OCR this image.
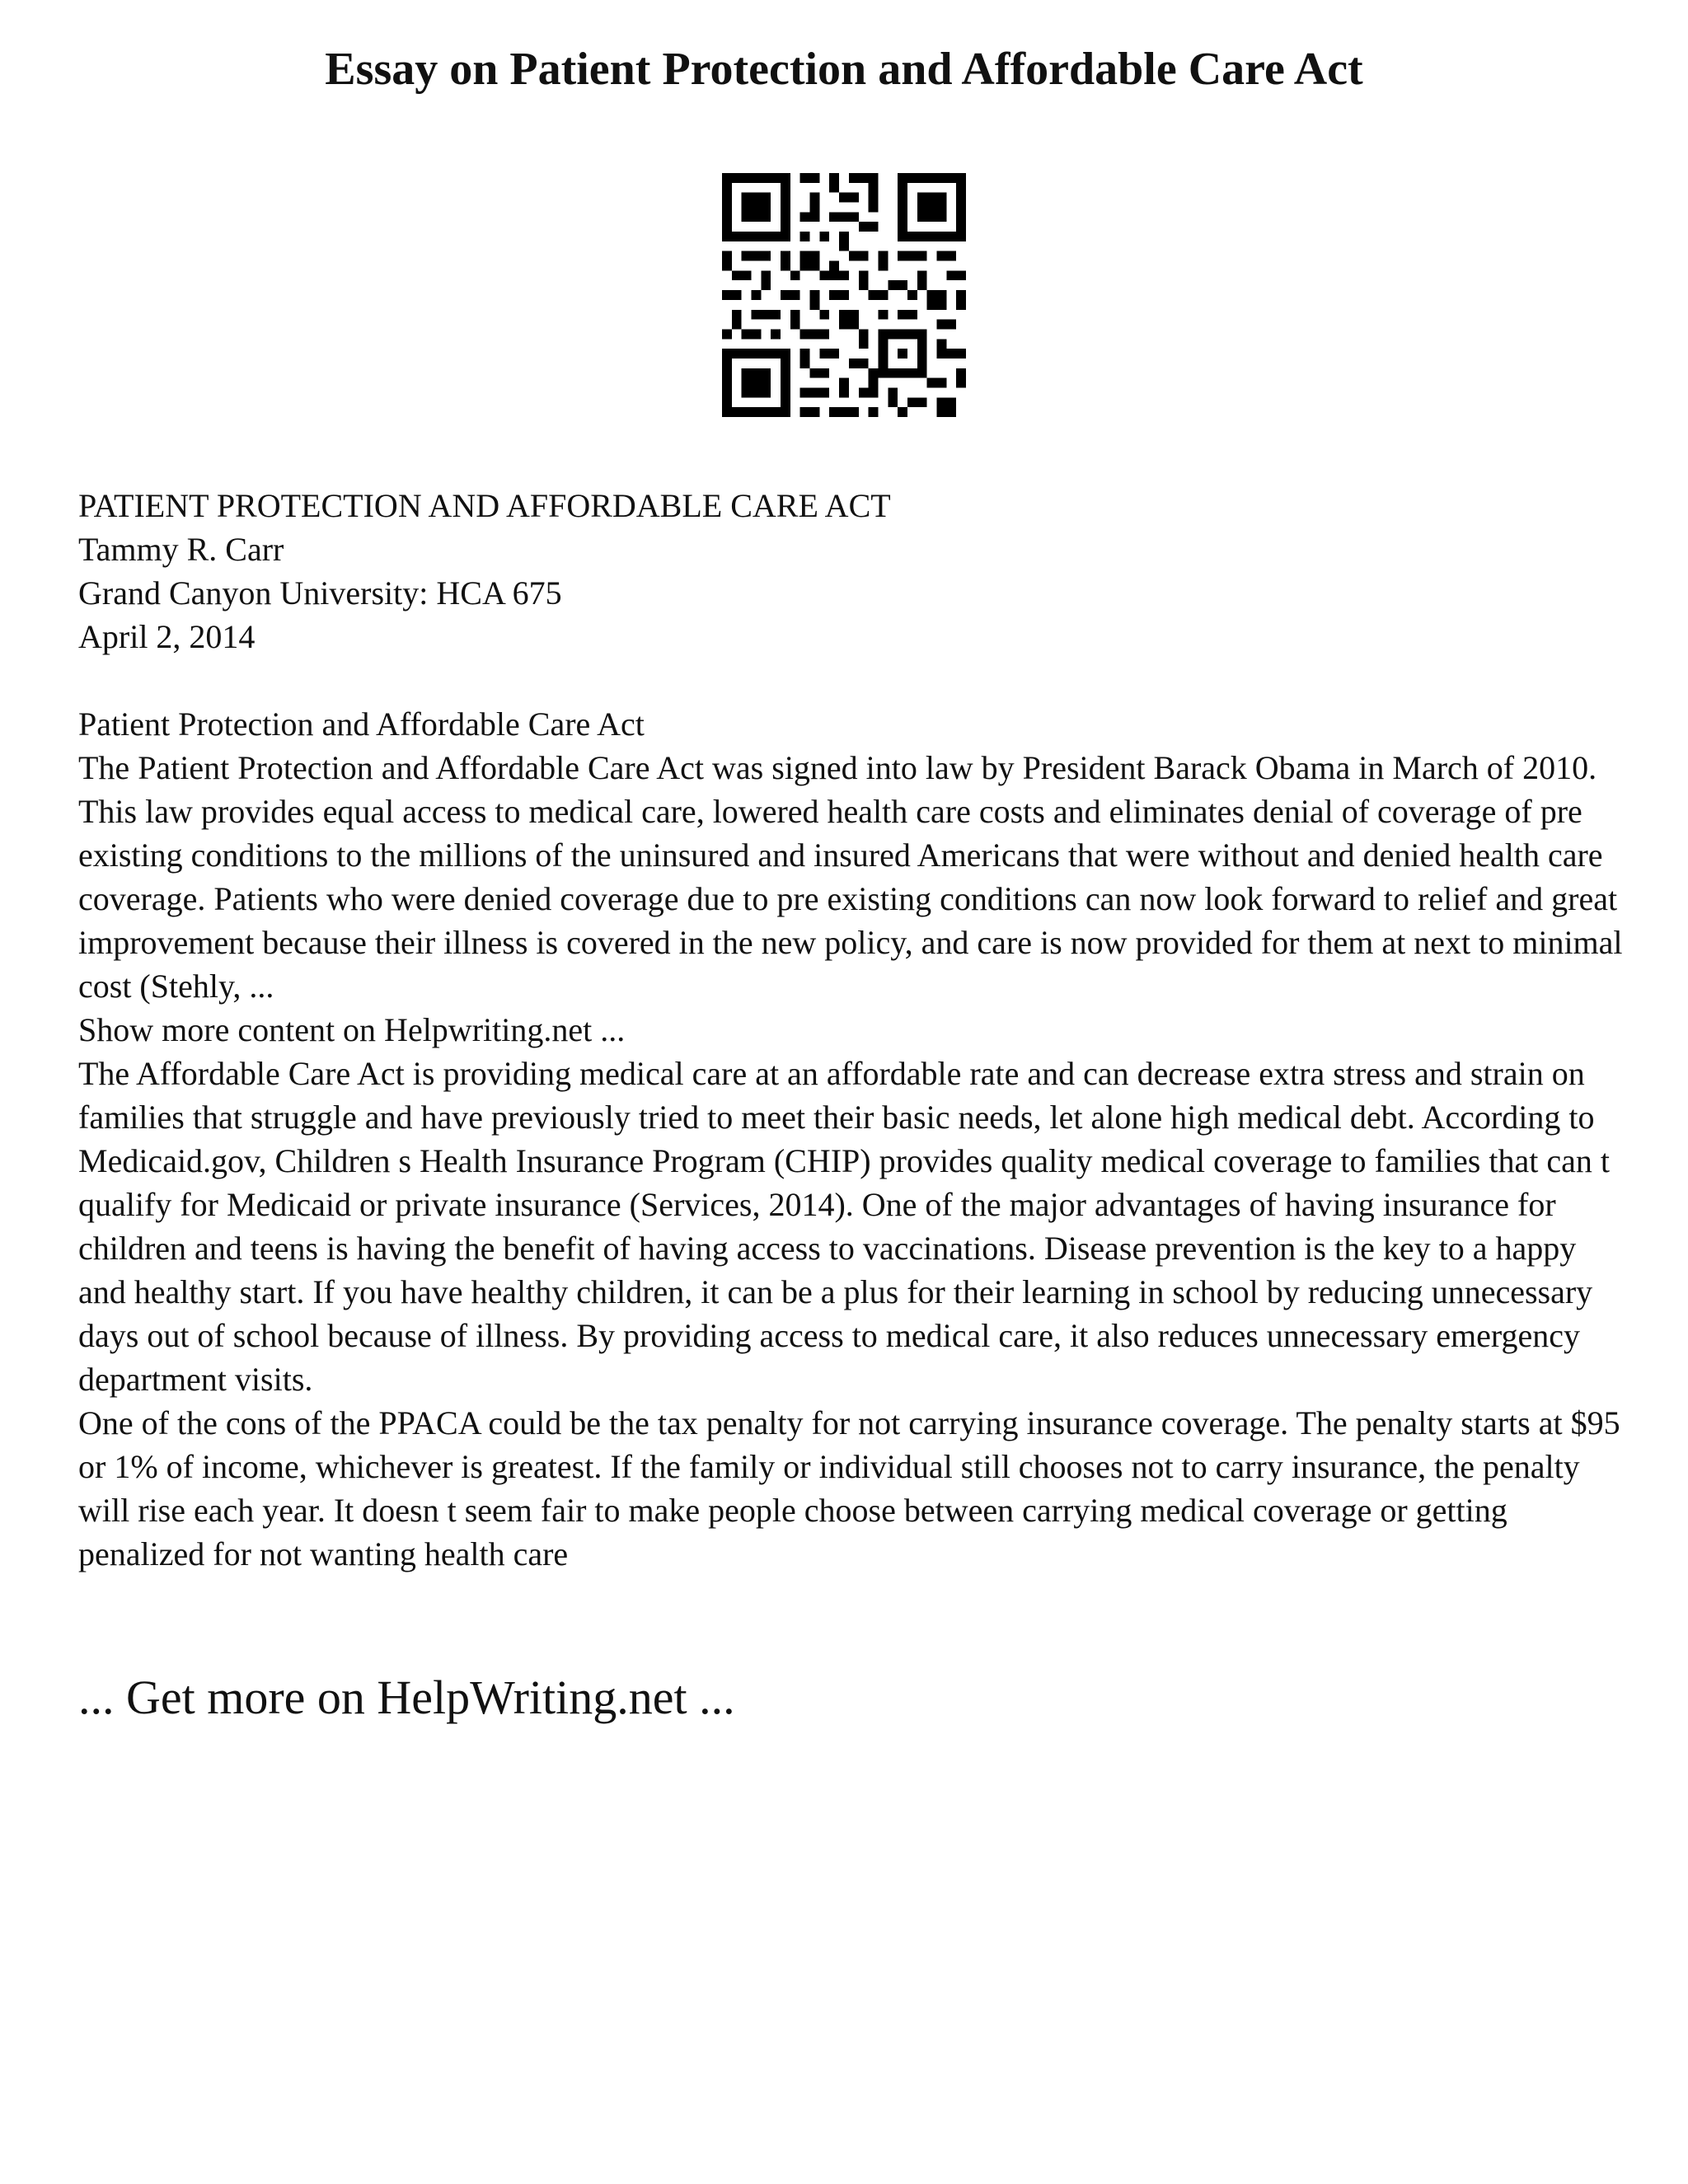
Essay on Patient Protection and Affordable Care Act
PATIENT PROTECTION AND AFFORDABLE CARE ACT
Tammy R. Carr
Grand Canyon University: HCA 675
April 2, 2014
Patient Protection and Affordable Care Act

The Patient Protection and Affordable Care Act was signed into law by President Barack Obama in March of 2010. This law provides equal access to medical care, lowered health care costs and eliminates denial of coverage of pre existing conditions to the millions of the uninsured and insured Americans that were without and denied health care coverage. Patients who were denied coverage due to pre existing conditions can now look forward to relief and great improvement because their illness is covered in the new policy, and care is now provided for them at next to minimal cost (Stehly, ...

Show more content on Helpwriting.net ...

The Affordable Care Act is providing medical care at an affordable rate and can decrease extra stress and strain on families that struggle and have previously tried to meet their basic needs, let alone high medical debt. According to Medicaid.gov, Children s Health Insurance Program (CHIP) provides quality medical coverage to families that can t qualify for Medicaid or private insurance (Services, 2014). One of the major advantages of having insurance for children and teens is having the benefit of having access to vaccinations. Disease prevention is the key to a happy and healthy start. If you have healthy children, it can be a plus for their learning in school by reducing unnecessary days out of school because of illness. By providing access to medical care, it also reduces unnecessary emergency department visits.

One of the cons of the PPACA could be the tax penalty for not carrying insurance coverage. The penalty starts at $95 or 1% of income, whichever is greatest. If the family or individual still chooses not to carry insurance, the penalty will rise each year. It doesn t seem fair to make people choose between carrying medical coverage or getting penalized for not wanting health care

... Get more on HelpWriting.net ...
